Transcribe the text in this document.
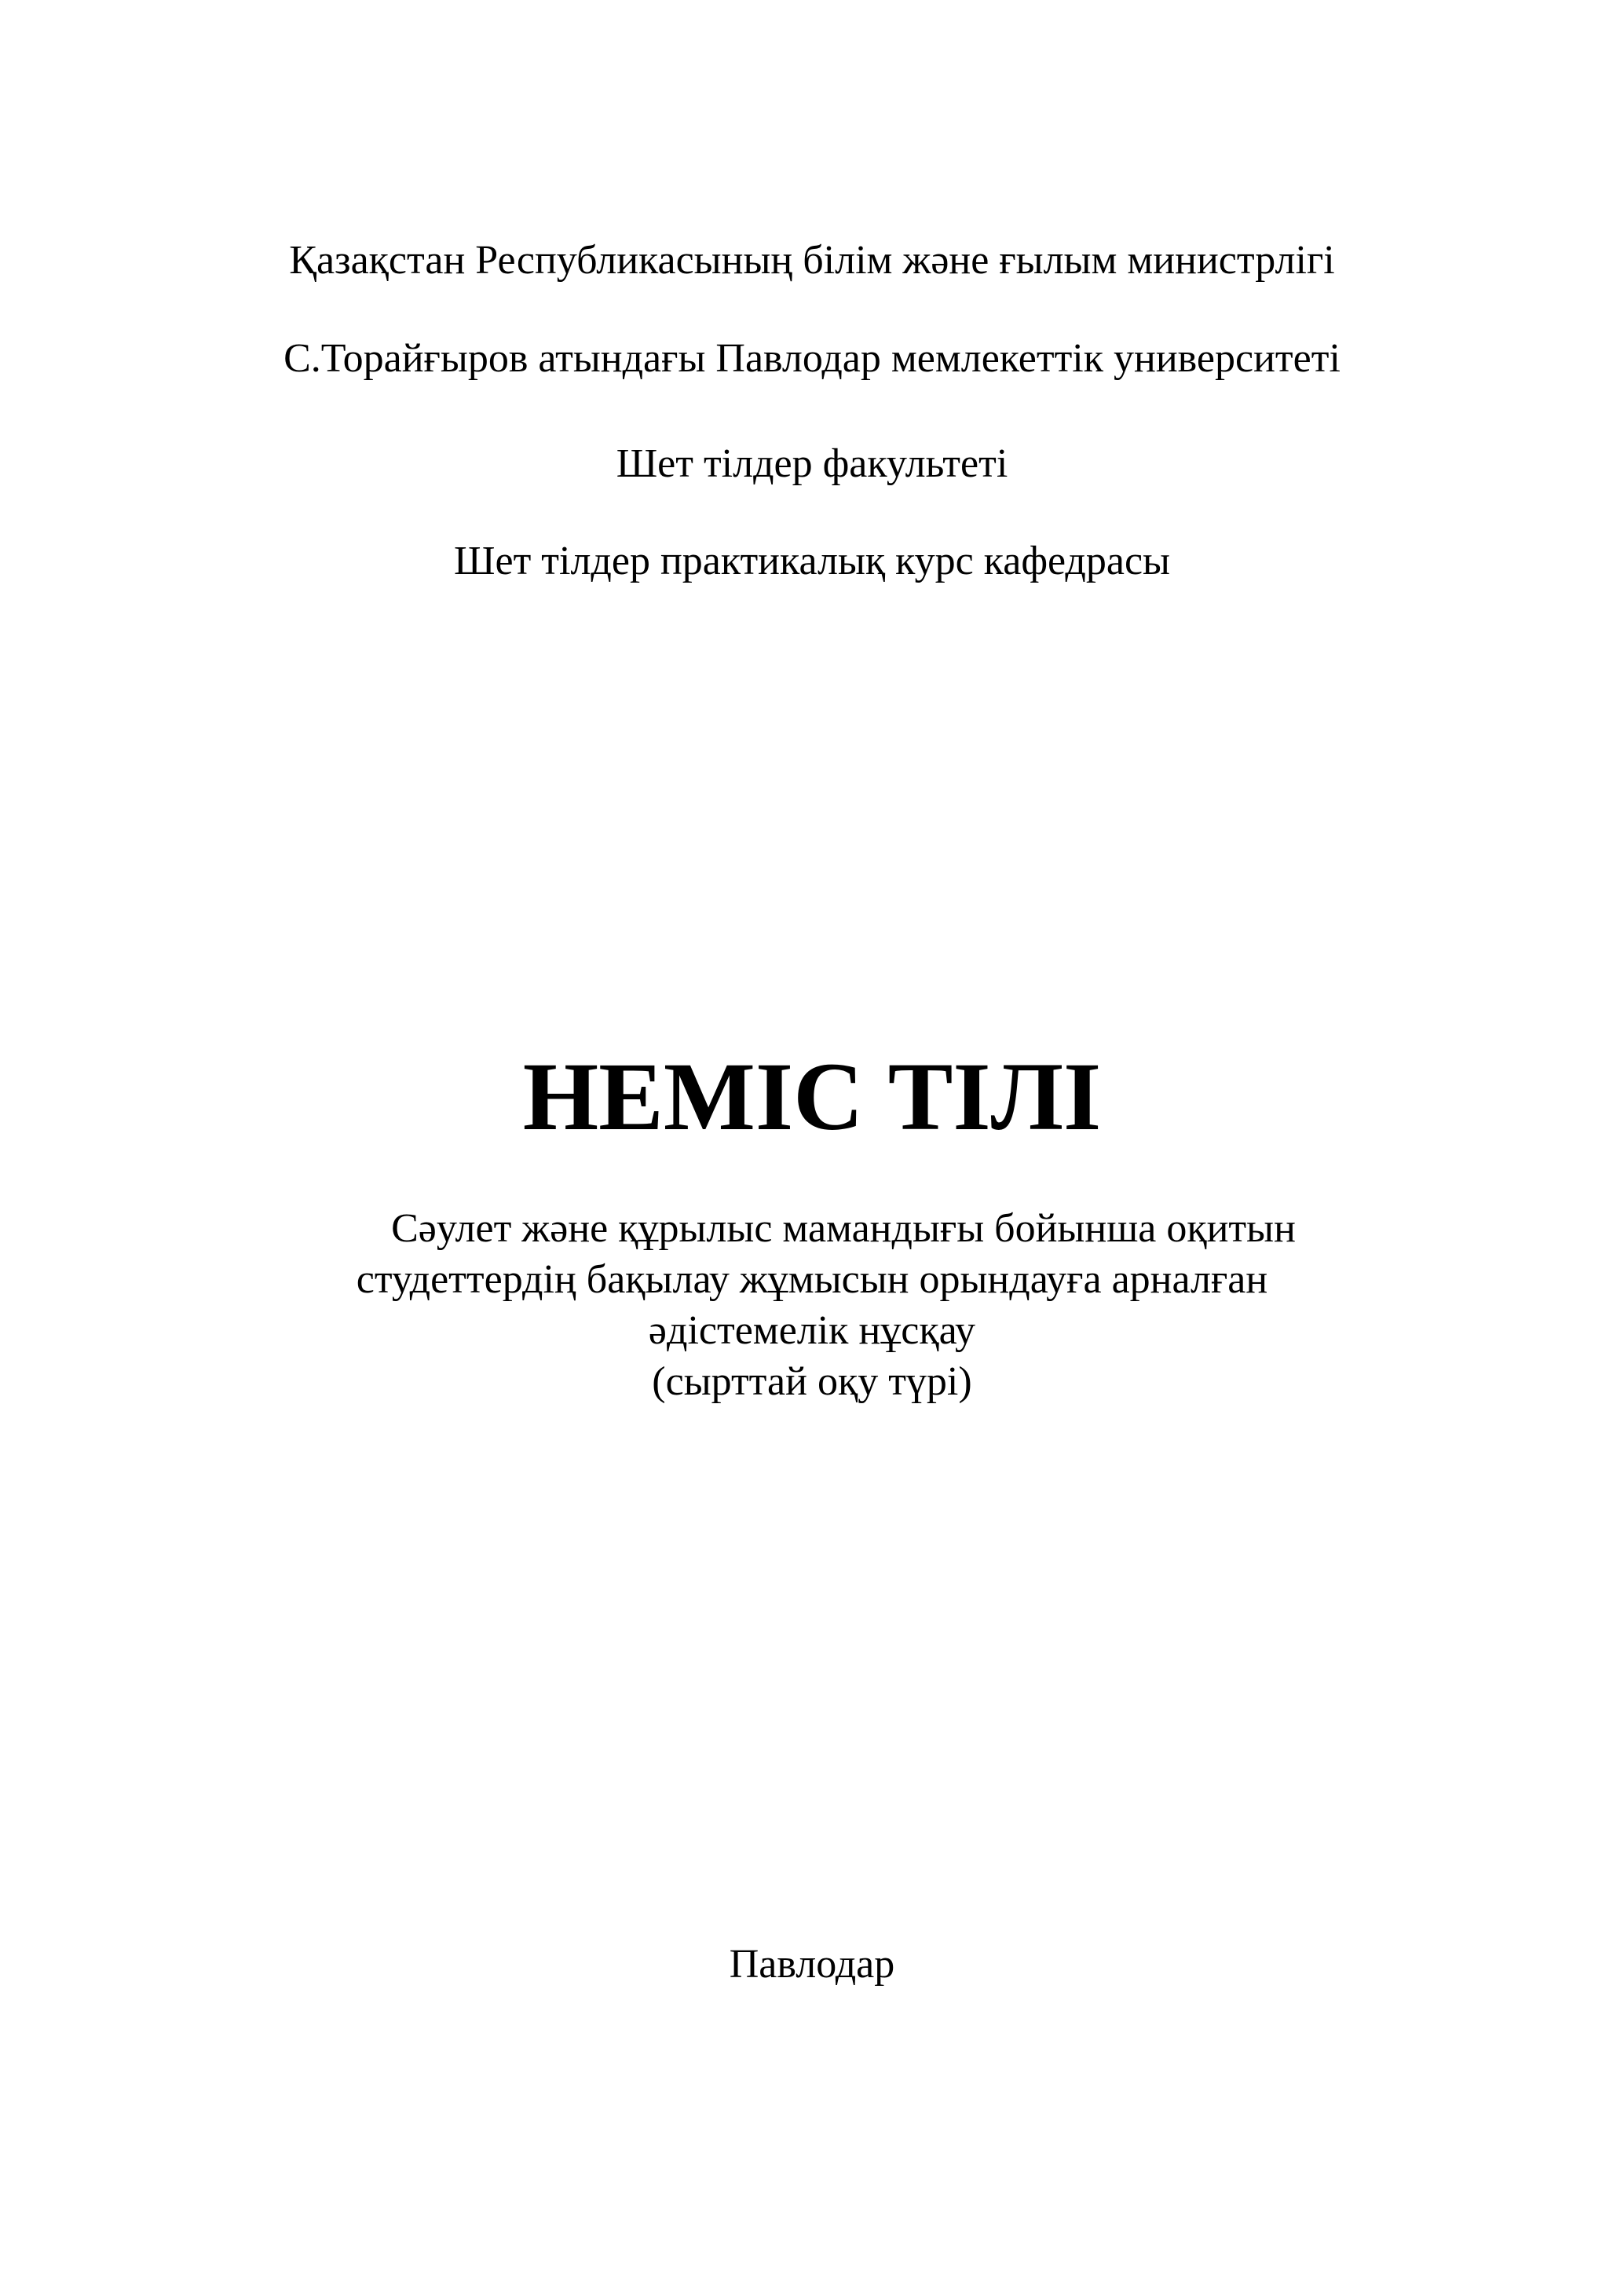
Қазақстан Республикасының білім және ғылым министрлігі
С.Торайғыров атындағы Павлодар мемлекеттік университеті
Шет тілдер факультеті
Шет тілдер практикалық курс кафедрасы
НЕМІС ТІЛІ
Сәулет және құрылыс мамандығы бойынша оқитын
студеттердің бақылау жұмысын орындауға арналған
әдістемелік нұсқау
(сырттай оқу түрі)
Павлодар
